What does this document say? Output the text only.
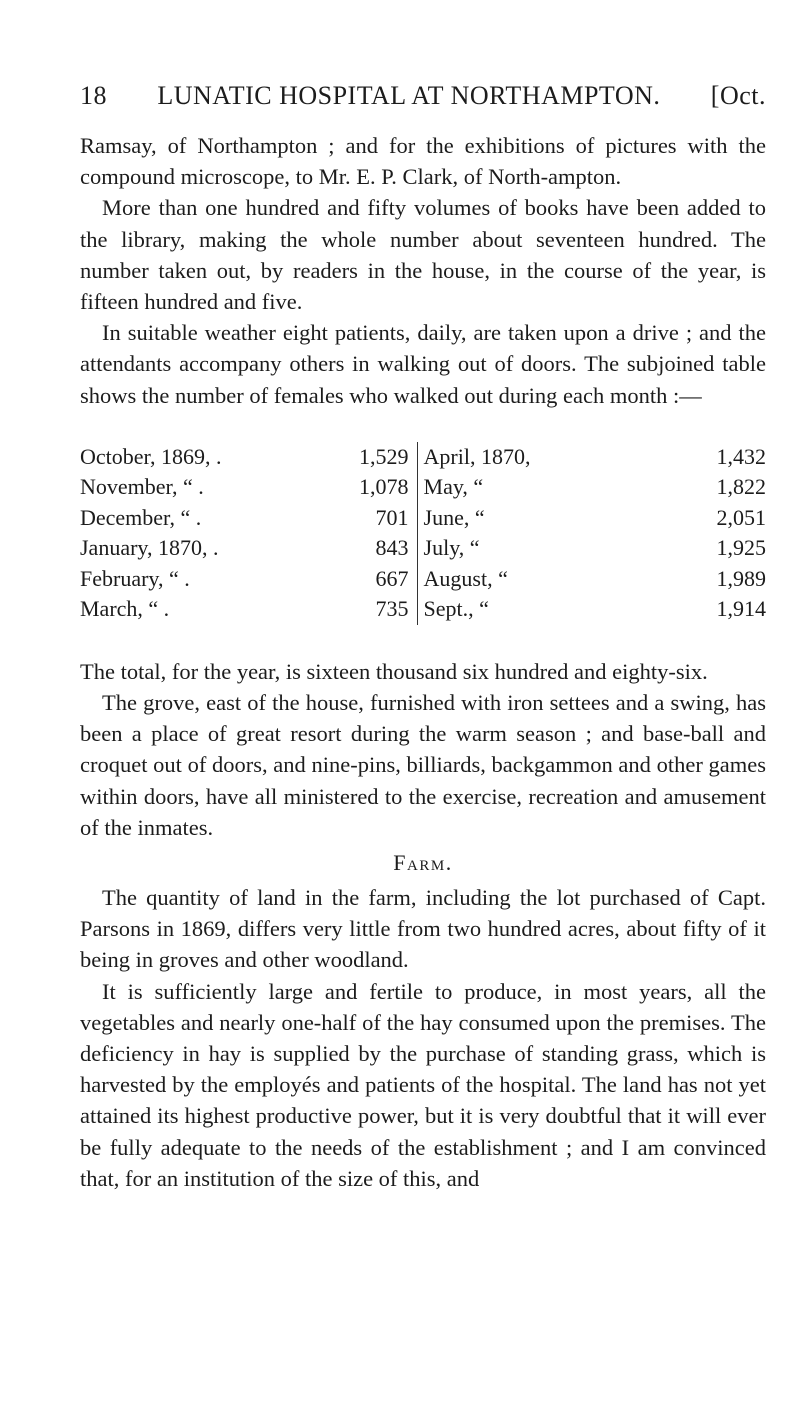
18 LUNATIC HOSPITAL AT NORTHAMPTON. [Oct.

Ramsay, of Northampton ; and for the exhibitions of pictures with the compound microscope, to Mr. E. P. Clark, of North-ampton.

More than one hundred and fifty volumes of books have been added to the library, making the whole number about seventeen hundred. The number taken out, by readers in the house, in the course of the year, is fifteen hundred and five.

In suitable weather eight patients, daily, are taken upon a drive ; and the attendants accompany others in walking out of doors. The subjoined table shows the number of females who walked out during each month :—

October, 1869, .	1,529
November, “ .	1,078
December, “ .	701
January, 1870, .	843
February, “ .	667
March, “ .	735
April, 1870,	1,432
May, “	1,822
June, “	2,051
July, “	1,925
August, “	1,989
Sept., “	1,914

The total, for the year, is sixteen thousand six hundred and eighty-six.

The grove, east of the house, furnished with iron settees and a swing, has been a place of great resort during the warm season ; and base-ball and croquet out of doors, and nine-pins, billiards, backgammon and other games within doors, have all ministered to the exercise, recreation and amusement of the inmates.

Farm.

The quantity of land in the farm, including the lot purchased of Capt. Parsons in 1869, differs very little from two hundred acres, about fifty of it being in groves and other woodland.

It is sufficiently large and fertile to produce, in most years, all the vegetables and nearly one-half of the hay consumed upon the premises. The deficiency in hay is supplied by the purchase of standing grass, which is harvested by the employés and patients of the hospital. The land has not yet attained its highest productive power, but it is very doubtful that it will ever be fully adequate to the needs of the establishment ; and I am convinced that, for an institution of the size of this, and
